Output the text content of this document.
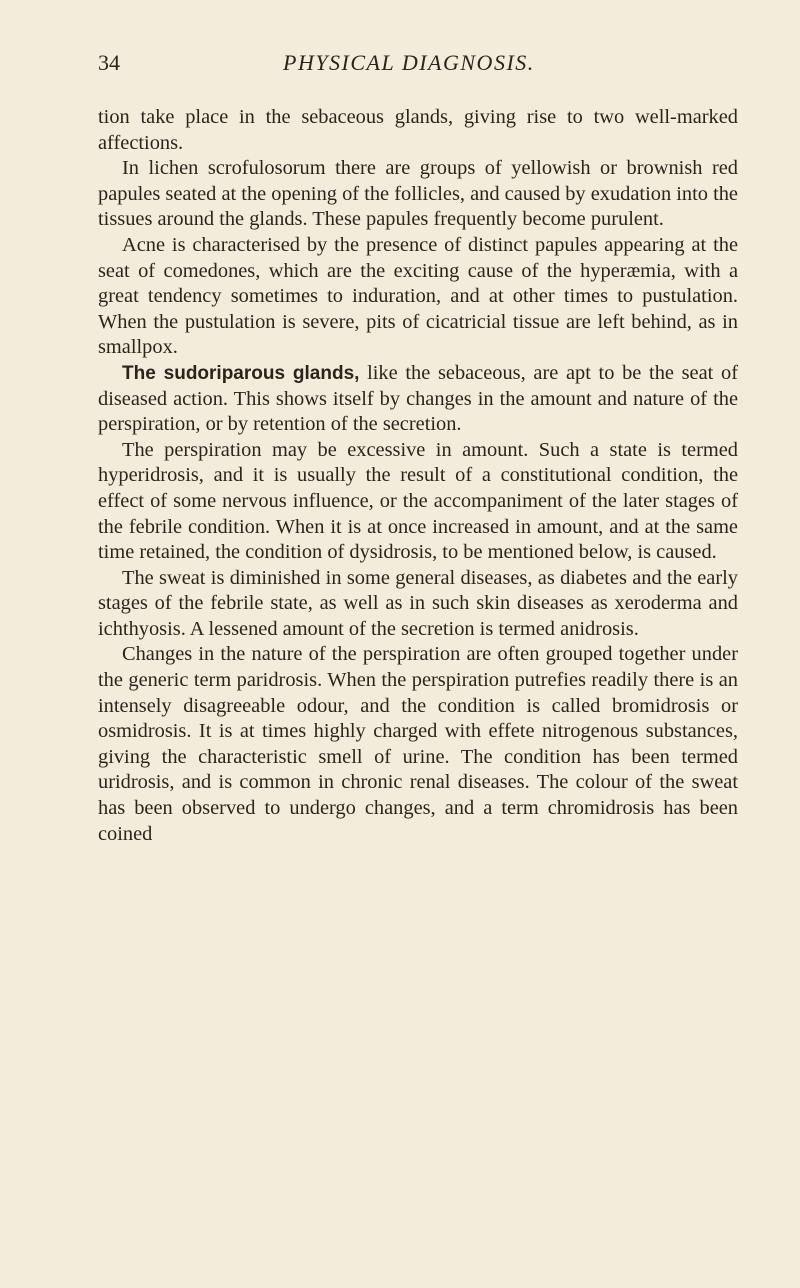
34	PHYSICAL DIAGNOSIS.

tion take place in the sebaceous glands, giving rise to two well-marked affections.

In lichen scrofulosorum there are groups of yellowish or brownish red papules seated at the opening of the follicles, and caused by exudation into the tissues around the glands. These papules frequently become purulent.

Acne is characterised by the presence of distinct papules appearing at the seat of comedones, which are the exciting cause of the hyperæmia, with a great tendency sometimes to induration, and at other times to pustulation. When the pustulation is severe, pits of cicatricial tissue are left behind, as in smallpox.

The sudoriparous glands, like the sebaceous, are apt to be the seat of diseased action. This shows itself by changes in the amount and nature of the perspiration, or by retention of the secretion.

The perspiration may be excessive in amount. Such a state is termed hyperidrosis, and it is usually the result of a constitutional condition, the effect of some nervous influence, or the accompaniment of the later stages of the febrile condition. When it is at once increased in amount, and at the same time retained, the condition of dysidrosis, to be mentioned below, is caused.

The sweat is diminished in some general diseases, as diabetes and the early stages of the febrile state, as well as in such skin diseases as xeroderma and ichthyosis. A lessened amount of the secretion is termed anidrosis.

Changes in the nature of the perspiration are often grouped together under the generic term paridrosis. When the perspiration putrefies readily there is an intensely disagreeable odour, and the condition is called bromidrosis or osmidrosis. It is at times highly charged with effete nitrogenous substances, giving the characteristic smell of urine. The condition has been termed uridrosis, and is common in chronic renal diseases. The colour of the sweat has been observed to undergo changes, and a term chromidrosis has been coined
